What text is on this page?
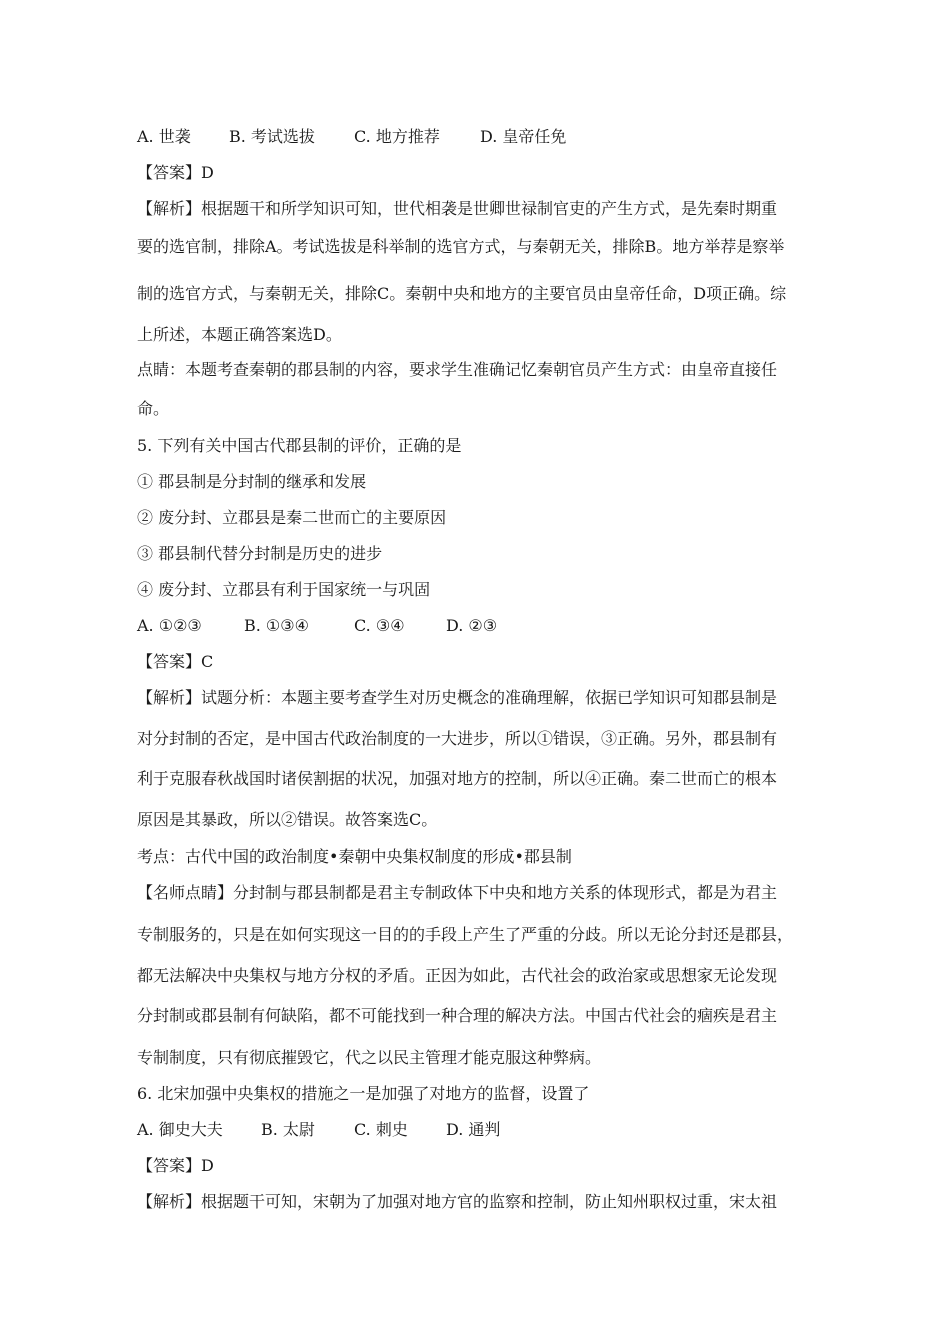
A. 世袭 B. 考试选拔 C. 地方推荐	D. 皇帝任免
【答案】D
【解析】根据题干和所学知识可知，世代相袭是世卿世禄制官吏的产生方式，是先秦时期重
要的选官制，排除A。考试选拔是科举制的选官方式，与秦朝无关，排除B。地方举荐是察举
制的选官方式，与秦朝无关，排除C。秦朝中央和地方的主要官员由皇帝任命，D项正确。综
上所述，本题正确答案选D。
点睛：本题考查秦朝的郡县制的内容，要求学生准确记忆秦朝官员产生方式：由皇帝直接任
命。
5. 下列有关中国古代郡县制的评价，正确的是
① 郡县制是分封制的继承和发展
② 废分封、立郡县是秦二世而亡的主要原因
③ 郡县制代替分封制是历史的进步
④ 废分封、立郡县有利于国家统一与巩固
A. ①②③	B. ①③④	C. ③④	D. ②③
【答案】C
【解析】试题分析：本题主要考查学生对历史概念的准确理解，依据已学知识可知郡县制是
对分封制的否定，是中国古代政治制度的一大进步，所以①错误，③正确。另外，郡县制有
利于克服春秋战国时诸侯割据的状况，加强对地方的控制，所以④正确。秦二世而亡的根本
原因是其暴政，所以②错误。故答案选C。
考点：古代中国的政治制度•秦朝中央集权制度的形成•郡县制
【名师点睛】分封制与郡县制都是君主专制政体下中央和地方关系的体现形式，都是为君主
专制服务的，只是在如何实现这一目的的手段上产生了严重的分歧。所以无论分封还是郡县，
都无法解决中央集权与地方分权的矛盾。正因为如此，古代社会的政治家或思想家无论发现
分封制或郡县制有何缺陷，都不可能找到一种合理的解决方法。中国古代社会的痼疾是君主
专制制度，只有彻底摧毁它，代之以民主管理才能克服这种弊病。
6. 北宋加强中央集权的措施之一是加强了对地方的监督，设置了
A. 御史大夫 B. 太尉 C. 刺史 D. 通判
【答案】D
【解析】根据题干可知，宋朝为了加强对地方官的监察和控制，防止知州职权过重，宋太祖
